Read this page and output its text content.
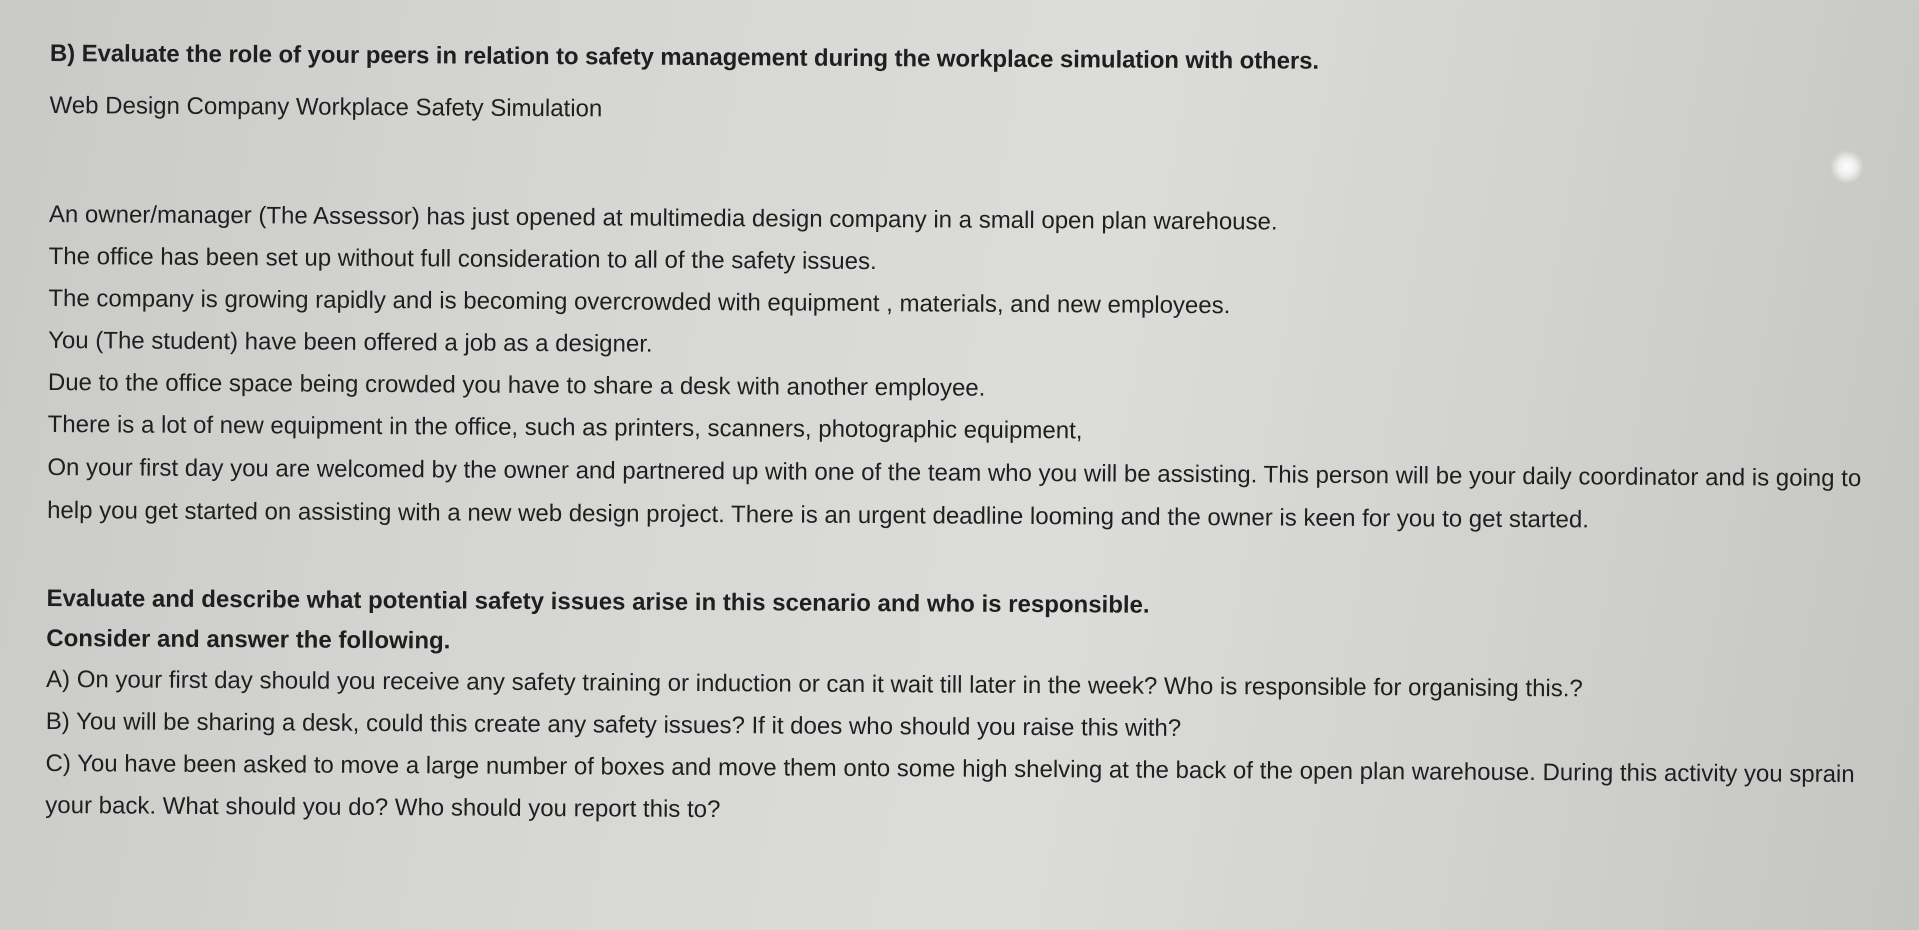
B) Evaluate the role of your peers in relation to safety management during the workplace simulation with others.

Web Design Company Workplace Safety Simulation

An owner/manager (The Assessor) has just opened at multimedia design company in a small open plan warehouse.

The office has been set up without full consideration to all of the safety issues.

The company is growing rapidly and is becoming overcrowded with equipment , materials, and new employees.

You (The student) have been offered a job as a designer.

Due to the office space being crowded you have to share a desk with another employee.

There is a lot of new equipment in the office, such as printers, scanners, photographic equipment,

On your first day you are welcomed by the owner and partnered up with one of the team who you will be assisting. This person will be your daily coordinator and is going to help you get started on assisting with a new web design project. There is an urgent deadline looming and the owner is keen for you to get started.

Evaluate and describe what potential safety issues arise in this scenario and who is responsible.

Consider and answer the following.

A) On your first day should you receive any safety training or induction or can it wait till later in the week? Who is responsible for organising this.?

B) You will be sharing a desk, could this create any safety issues? If it does who should you raise this with?

C) You have been asked to move a large number of boxes and move them onto some high shelving at the back of the open plan warehouse. During this activity you sprain your back. What should you do? Who should you report this to?
